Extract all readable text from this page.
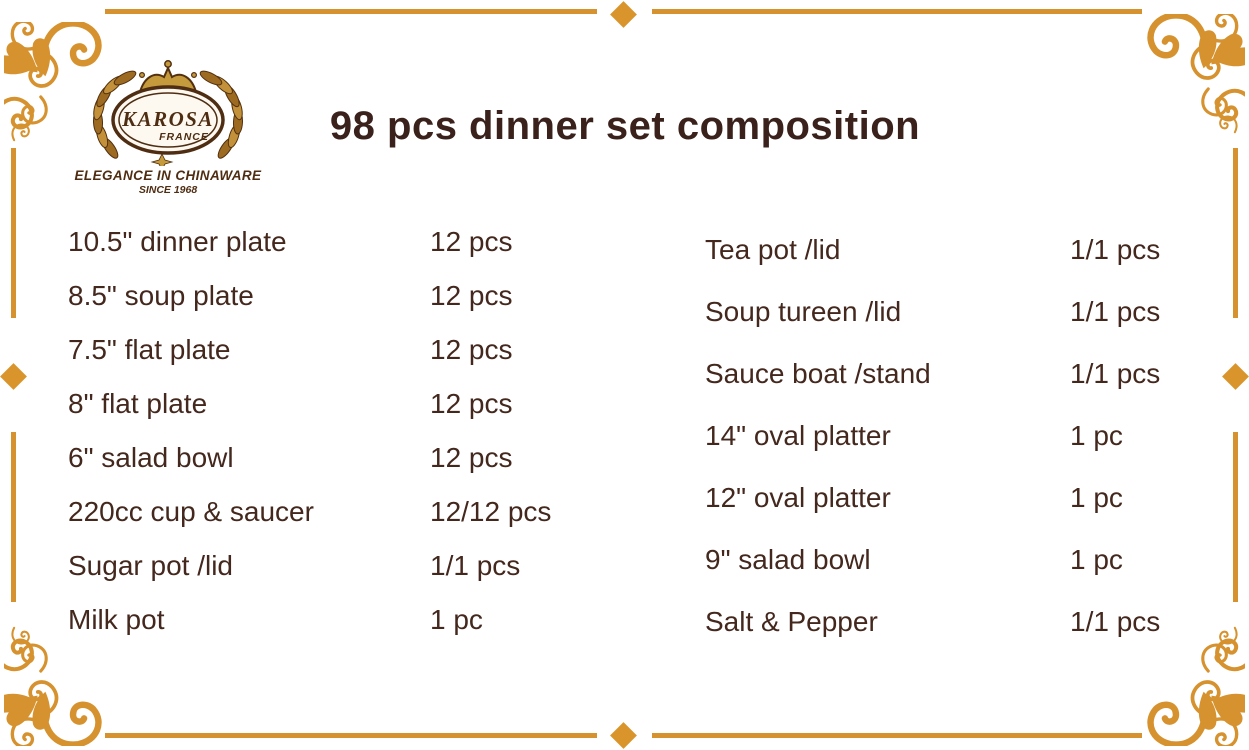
KAROSA
FRANCE
ELEGANCE IN CHINAWARE
SINCE 1968
98 pcs dinner set composition
10.5" dinner plate	12 pcs
8.5" soup plate	12 pcs
7.5" flat plate	12 pcs
8" flat plate	12 pcs
6" salad bowl	12 pcs
220cc cup & saucer	12/12 pcs
Sugar pot /lid	1/1 pcs
Milk pot	1 pc
Tea pot /lid	1/1 pcs
Soup tureen /lid	1/1 pcs
Sauce boat /stand	1/1 pcs
14" oval platter	1 pc
12" oval platter	1 pc
9" salad bowl	1 pc
Salt & Pepper	1/1 pcs
